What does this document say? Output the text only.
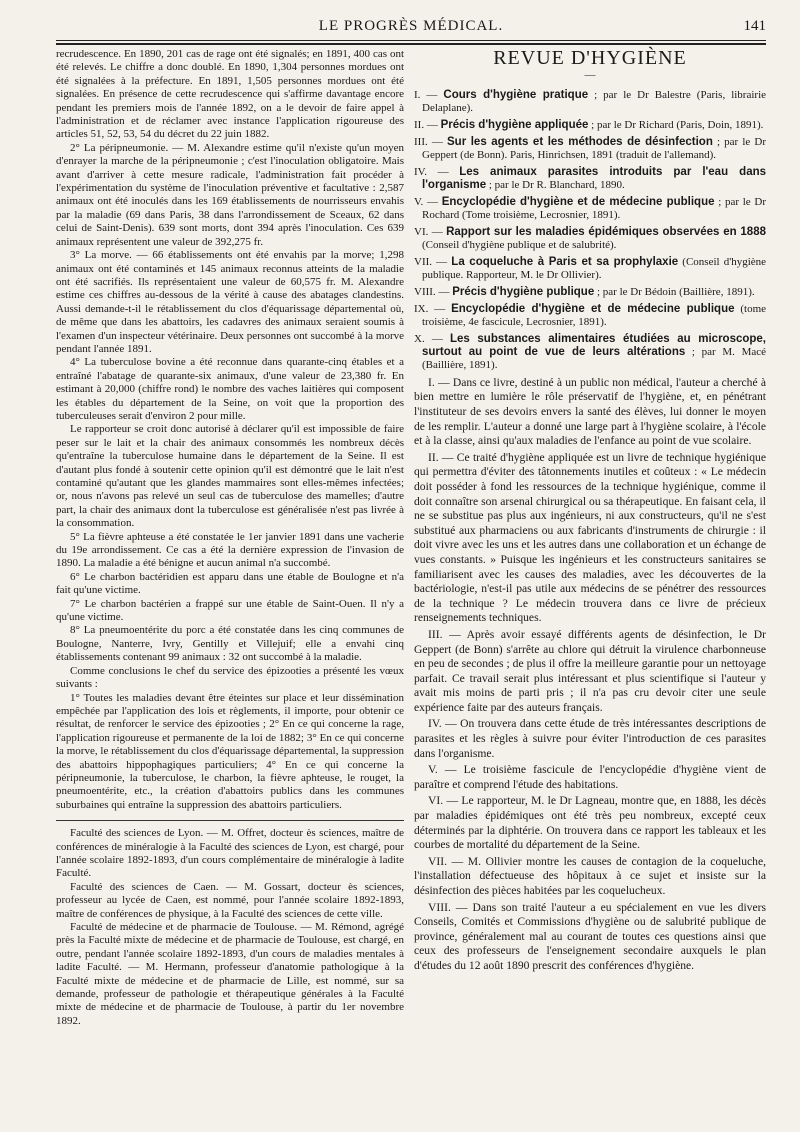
LE PROGRÈS MÉDICAL.	141

recrudescence. En 1890, 201 cas de rage ont été signalés; en 1891, 400 cas ont été relevés. Le chiffre a donc doublé. En 1890, 1,304 personnes mordues ont été signalées à la préfecture. En 1891, 1,505 personnes mordues ont été signalées. En présence de cette recrudescence qui s'affirme davantage encore pendant les premiers mois de l'année 1892, on a le devoir de faire appel à l'administration et de réclamer avec instance l'application rigoureuse des articles 51, 52, 53, 54 du décret du 22 juin 1882.

2° La péripneumonie. — M. Alexandre estime qu'il n'existe qu'un moyen d'enrayer la marche de la péripneumonie ; c'est l'inoculation obligatoire. Mais avant d'arriver à cette mesure radicale, l'administration fait procéder à l'expérimentation du système de l'inoculation préventive et facultative : 2,587 animaux ont été inoculés dans les 169 établissements de nourrisseurs envahis par la maladie (69 dans Paris, 38 dans l'arrondissement de Sceaux, 62 dans celui de Saint-Denis). 639 sont morts, dont 394 après l'inoculation. Ces 639 animaux représentent une valeur de 392,275 fr.

3° La morve. — 66 établissements ont été envahis par la morve; 1,298 animaux ont été contaminés et 145 animaux reconnus atteints de la maladie ont été sacrifiés. Ils représentaient une valeur de 60,575 fr. M. Alexandre estime ces chiffres au-dessous de la vérité à cause des abatages clandestins. Aussi demande-t-il le rétablissement du clos d'équarissage départemental où, de même que dans les abattoirs, les cadavres des animaux seraient soumis à l'examen d'un inspecteur vétérinaire. Deux personnes ont succombé à la morve pendant l'année 1891.

4° La tuberculose bovine a été reconnue dans quarante-cinq étables et a entraîné l'abatage de quarante-six animaux, d'une valeur de 23,380 fr. En estimant à 20,000 (chiffre rond) le nombre des vaches laitières qui composent les étables du département de la Seine, on voit que la proportion des tuberculeuses serait d'environ 2 pour mille.

Le rapporteur se croit donc autorisé à déclarer qu'il est impossible de faire peser sur le lait et la chair des animaux consommés les nombreux décès qu'entraîne la tuberculose humaine dans le département de la Seine. Il est d'autant plus fondé à soutenir cette opinion qu'il est démontré que le lait n'est contaminé qu'autant que les glandes mammaires sont elles-mêmes infectées; or, nous n'avons pas relevé un seul cas de tuberculose des mamelles; d'autre part, la chair des animaux dont la tuberculose est généralisée n'est pas livrée à la consommation.

5° La fièvre aphteuse a été constatée le 1er janvier 1891 dans une vacherie du 19e arrondissement. Ce cas a été la dernière expression de l'invasion de 1890. La maladie a été bénigne et aucun animal n'a succombé.

6° Le charbon bactéridien est apparu dans une étable de Boulogne et n'a fait qu'une victime.

7° Le charbon bactérien a frappé sur une étable de Saint-Ouen. Il n'y a qu'une victime.

8° La pneumoentérite du porc a été constatée dans les cinq communes de Boulogne, Nanterre, Ivry, Gentilly et Villejuif; elle a envahi cinq établissements contenant 99 animaux : 32 ont succombé à la maladie.

Comme conclusions le chef du service des épizooties a présenté les vœux suivants :

1° Toutes les maladies devant être éteintes sur place et leur dissémination empêchée par l'application des lois et règlements, il importe, pour obtenir ce résultat, de renforcer le service des épizooties ; 2° En ce qui concerne la rage, l'application rigoureuse et permanente de la loi de 1882; 3° En ce qui concerne la morve, le rétablissement du clos d'équarissage départemental, la suppression des abattoirs hippophagiques particuliers; 4° En ce qui concerne la péripneumonie, la tuberculose, le charbon, la fièvre aphteuse, le rouget, la pneumoentérite, etc., la création d'abattoirs publics dans les communes suburbaines qui entraîne la suppression des abattoirs particuliers.

Faculté des sciences de Lyon. — M. Offret, docteur ès sciences, maître de conférences de minéralogie à la Faculté des sciences de Lyon, est chargé, pour l'année scolaire 1892-1893, d'un cours complémentaire de minéralogie à ladite Faculté.

Faculté des sciences de Caen. — M. Gossart, docteur ès sciences, professeur au lycée de Caen, est nommé, pour l'année scolaire 1892-1893, maître de conférences de physique, à la Faculté des sciences de cette ville.

Faculté de médecine et de pharmacie de Toulouse. — M. Rémond, agrégé près la Faculté mixte de médecine et de pharmacie de Toulouse, est chargé, en outre, pendant l'année scolaire 1892-1893, d'un cours de maladies mentales à ladite Faculté. — M. Hermann, professeur d'anatomie pathologique à la Faculté mixte de médecine et de pharmacie de Lille, est nommé, sur sa demande, professeur de pathologie et thérapeutique générales à la Faculté mixte de médecine et de pharmacie de Toulouse, à partir du 1er novembre 1892.

REVUE D'HYGIÈNE
—
I. — Cours d'hygiène pratique ; par le Dr Balestre (Paris, librairie Delaplane).
II. — Précis d'hygiène appliquée ; par le Dr Richard (Paris, Doin, 1891).
III. — Sur les agents et les méthodes de désinfection ; par le Dr Geppert (de Bonn). Paris, Hinrichsen, 1891 (traduit de l'allemand).
IV. — Les animaux parasites introduits par l'eau dans l'organisme ; par le Dr R. Blanchard, 1890.
V. — Encyclopédie d'hygiène et de médecine publique ; par le Dr Rochard (Tome troisième, Lecrosnier, 1891).
VI. — Rapport sur les maladies épidémiques observées en 1888 (Conseil d'hygiène publique et de salubrité).
VII. — La coqueluche à Paris et sa prophylaxie (Conseil d'hygiène publique. Rapporteur, M. le Dr Ollivier).
VIII. — Précis d'hygiène publique ; par le Dr Bédoin (Baillière, 1891).
IX. — Encyclopédie d'hygiène et de médecine publique (tome troisième, 4e fascicule, Lecrosnier, 1891).
X. — Les substances alimentaires étudiées au microscope, surtout au point de vue de leurs altérations ; par M. Macé (Baillière, 1891).

I. — Dans ce livre, destiné à un public non médical, l'auteur a cherché à bien mettre en lumière le rôle préservatif de l'hygiène, et, en pénétrant l'instituteur de ses devoirs envers la santé des élèves, lui donner le moyen de les remplir. L'auteur a donné une large part à l'hygiène scolaire, à l'école et à la classe, ainsi qu'aux maladies de l'enfance au point de vue scolaire.

II. — Ce traité d'hygiène appliquée est un livre de technique hygiénique qui permettra d'éviter des tâtonnements inutiles et coûteux : « Le médecin doit posséder à fond les ressources de la technique hygiénique, comme il doit connaître son arsenal chirurgical ou sa thérapeutique. En faisant cela, il ne se substitue pas plus aux ingénieurs, ni aux constructeurs, qu'il ne s'est substitué aux pharmaciens ou aux fabricants d'instruments de chirurgie : il doit vivre avec les uns et les autres dans une collaboration et un échange de vues constants. » Puisque les ingénieurs et les constructeurs sanitaires se familiarisent avec les causes des maladies, avec les découvertes de la bactériologie, n'est-il pas utile aux médecins de se pénétrer des ressources de la technique ? Le médecin trouvera dans ce livre de précieux renseignements techniques.

III. — Après avoir essayé différents agents de désinfection, le Dr Geppert (de Bonn) s'arrête au chlore qui détruit la virulence charbonneuse en peu de secondes ; de plus il offre la meilleure garantie pour un nettoyage parfait. Ce travail serait plus intéressant et plus scientifique si l'auteur y avait mis moins de parti pris ; il n'a pas cru devoir citer une seule expérience faite par des auteurs français.

IV. — On trouvera dans cette étude de très intéressantes descriptions de parasites et les règles à suivre pour éviter l'introduction de ces parasites dans l'organisme.

V. — Le troisième fascicule de l'encyclopédie d'hygiène vient de paraître et comprend l'étude des habitations.

VI. — Le rapporteur, M. le Dr Lagneau, montre que, en 1888, les décès par maladies épidémiques ont été très peu nombreux, excepté ceux déterminés par la diphtérie. On trouvera dans ce rapport les tableaux et les courbes de mortalité du département de la Seine.

VII. — M. Ollivier montre les causes de contagion de la coqueluche, l'installation défectueuse des hôpitaux à ce sujet et insiste sur la désinfection des pièces habitées par les coquelucheux.

VIII. — Dans son traité l'auteur a eu spécialement en vue les divers Conseils, Comités et Commissions d'hygiène ou de salubrité publique de province, généralement mal au courant de toutes ces questions ainsi que ceux des professeurs de l'enseignement secondaire auxquels le plan d'études du 12 août 1890 prescrit des conférences d'hygiène.
